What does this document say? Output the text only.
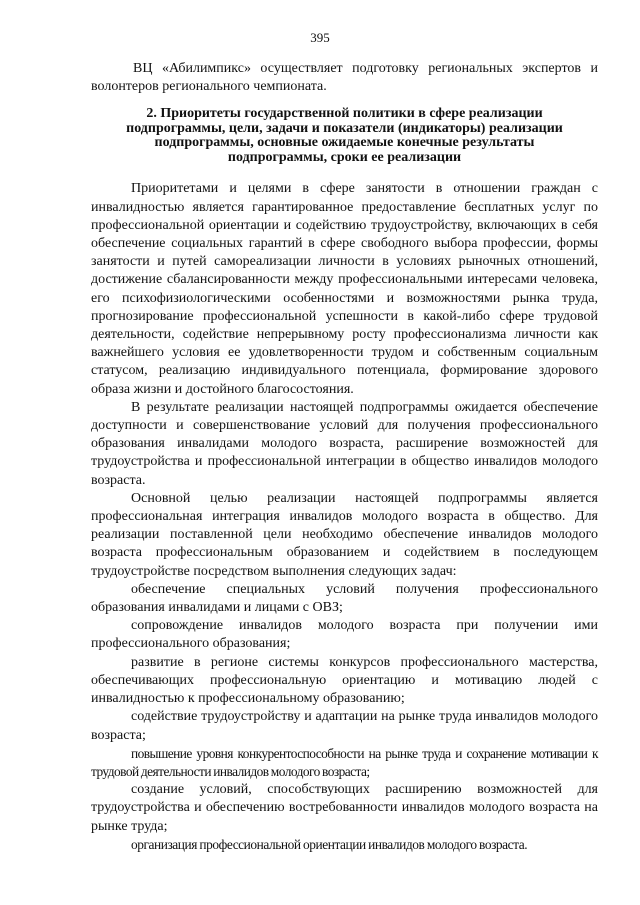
395

ВЦ «Абилимпикс» осуществляет подготовку региональных экспертов и волонтеров регионального чемпионата.

2. Приоритеты государственной политики в сфере реализации
подпрограммы, цели, задачи и показатели (индикаторы) реализации
подпрограммы, основные ожидаемые конечные результаты
подпрограммы, сроки ее реализации

Приоритетами и целями в сфере занятости в отношении граждан с инвалидностью является гарантированное предоставление бесплатных услуг по профессиональной ориентации и содействию трудоустройству, включающих в себя обеспечение социальных гарантий в сфере свободного выбора профессии, формы занятости и путей самореализации личности в условиях рыночных отношений, достижение сбалансированности между профессиональными интересами человека, его психофизиологическими особенностями и возможностями рынка труда, прогнозирование профессиональной успешности в какой-либо сфере трудовой деятельности, содействие непрерывному росту профессионализма личности как важнейшего условия ее удовлетворенности трудом и собственным социальным статусом, реализацию индивидуального потенциала, формирование здорового образа жизни и достойного благосостояния.

В результате реализации настоящей подпрограммы ожидается обеспечение доступности и совершенствование условий для получения профессионального образования инвалидами молодого возраста, расширение возможностей для трудоустройства и профессиональной интеграции в общество инвалидов молодого возраста.

Основной целью реализации настоящей подпрограммы является профессиональная интеграция инвалидов молодого возраста в общество. Для реализации поставленной цели необходимо обеспечение инвалидов молодого возраста профессиональным образованием и содействием в последующем трудоустройстве посредством выполнения следующих задач:

обеспечение специальных условий получения профессионального образования инвалидами и лицами с ОВЗ;

сопровождение инвалидов молодого возраста при получении ими профессионального образования;

развитие в регионе системы конкурсов профессионального мастерства, обеспечивающих профессиональную ориентацию и мотивацию людей с инвалидностью к профессиональному образованию;

содействие трудоустройству и адаптации на рынке труда инвалидов молодого возраста;

повышение уровня конкурентоспособности на рынке труда и сохранение мотивации к трудовой деятельности инвалидов молодого возраста;

создание условий, способствующих расширению возможностей для трудоустройства и обеспечению востребованности инвалидов молодого возраста на рынке труда;

организация профессиональной ориентации инвалидов молодого возраста.
